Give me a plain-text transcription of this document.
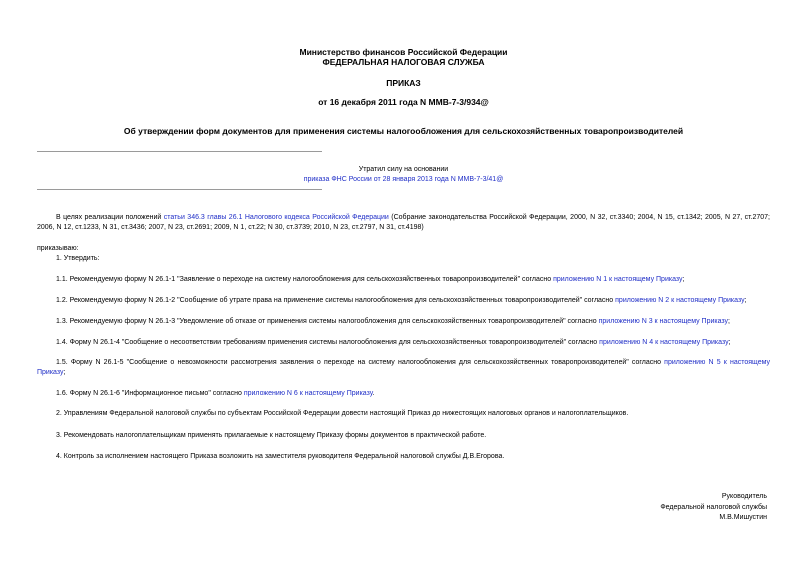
Министерство финансов Российской Федерации
ФЕДЕРАЛЬНАЯ НАЛОГОВАЯ СЛУЖБА
ПРИКАЗ
от 16 декабря 2011 года N ММВ-7-3/934@
Об утверждении форм документов для применения системы налогообложения для сельскохозяйственных товаропроизводителей
Утратил силу на основании
приказа ФНС России от 28 января 2013 года N ММВ-7-3/41@
В целях реализации положений статьи 346.3 главы 26.1 Налогового кодекса Российской Федерации (Собрание законодательства Российской Федерации, 2000, N 32, ст.3340; 2004, N 15, ст.1342; 2005, N 27, ст.2707; 2006, N 12, ст.1233, N 31, ст.3436; 2007, N 23, ст.2691; 2009, N 1, ст.22; N 30, ст.3739; 2010, N 23, ст.2797, N 31, ст.4198)
приказываю:
1. Утвердить:
1.1. Рекомендуемую форму N 26.1-1 "Заявление о переходе на систему налогообложения для сельскохозяйственных товаропроизводителей" согласно приложению N 1 к настоящему Приказу;
1.2. Рекомендуемую форму N 26.1-2 "Сообщение об утрате права на применение системы налогообложения для сельскохозяйственных товаропроизводителей" согласно приложению N 2 к настоящему Приказу;
1.3. Рекомендуемую форму N 26.1-3 "Уведомление об отказе от применения системы налогообложения для сельскохозяйственных товаропроизводителей" согласно приложению N 3 к настоящему Приказу;
1.4. Форму N 26.1-4 "Сообщение о несоответствии требованиям применения системы налогообложения для сельскохозяйственных товаропроизводителей" согласно приложению N 4 к настоящему Приказу;
1.5. Форму N 26.1-5 "Сообщение о невозможности рассмотрения заявления о переходе на систему налогообложения для сельскохозяйственных товаропроизводителей" согласно приложению N 5 к настоящему Приказу;
1.6. Форму N 26.1-6 "Информационное письмо" согласно приложению N 6 к настоящему Приказу.
2. Управлениям Федеральной налоговой службы по субъектам Российской Федерации довести настоящий Приказ до нижестоящих налоговых органов и налогоплательщиков.
3. Рекомендовать налогоплательщикам применять прилагаемые к настоящему Приказу формы документов в практической работе.
4. Контроль за исполнением настоящего Приказа возложить на заместителя руководителя Федеральной налоговой службы Д.В.Егорова.
Руководитель
Федеральной налоговой службы
М.В.Мишустин
